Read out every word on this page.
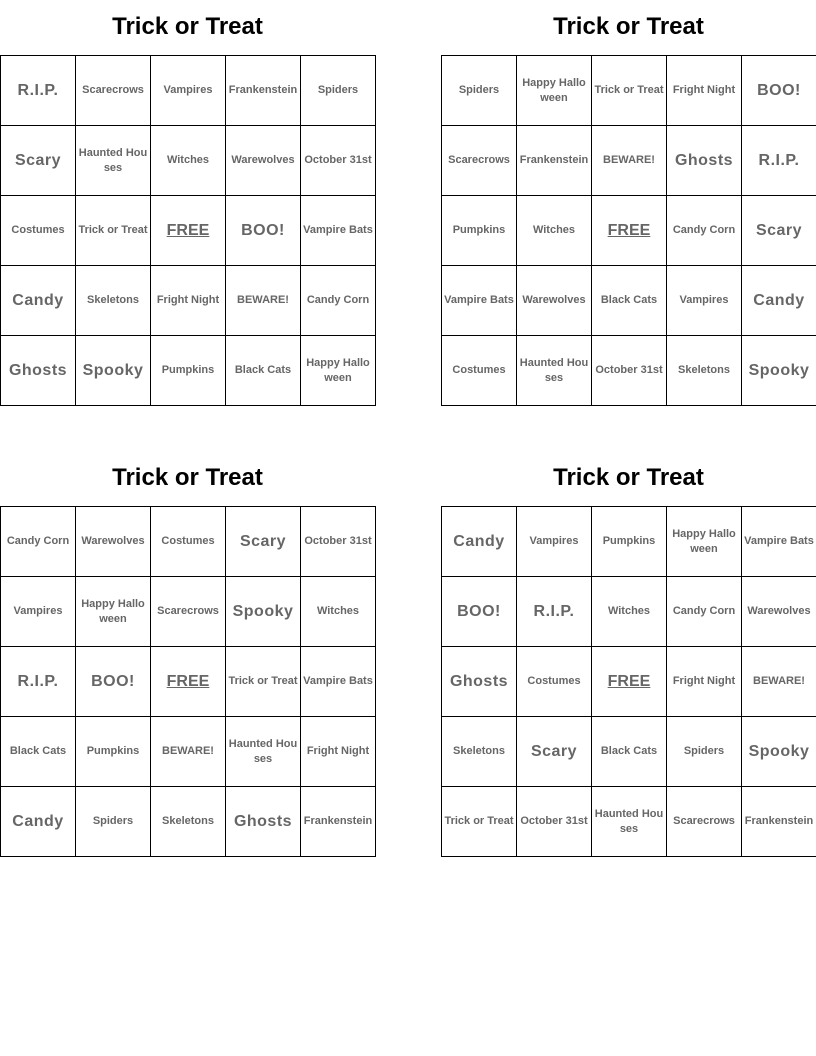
Trick or Treat
R.I.P.	Scarecrows	Vampires	Frankenstein	Spiders
Scary	Haunted Houses	Witches	Warewolves	October 31st
Costumes	Trick or Treat	FREE	BOO!	Vampire Bats
Candy	Skeletons	Fright Night	BEWARE!	Candy Corn
Ghosts	Spooky	Pumpkins	Black Cats	Happy Halloween
Trick or Treat
Spiders	Happy Halloween	Trick or Treat	Fright Night	BOO!
Scarecrows	Frankenstein	BEWARE!	Ghosts	R.I.P.
Pumpkins	Witches	FREE	Candy Corn	Scary
Vampire Bats	Warewolves	Black Cats	Vampires	Candy
Costumes	Haunted Houses	October 31st	Skeletons	Spooky
Trick or Treat
Candy Corn	Warewolves	Costumes	Scary	October 31st
Vampires	Happy Halloween	Scarecrows	Spooky	Witches
R.I.P.	BOO!	FREE	Trick or Treat	Vampire Bats
Black Cats	Pumpkins	BEWARE!	Haunted Houses	Fright Night
Candy	Spiders	Skeletons	Ghosts	Frankenstein
Trick or Treat
Candy	Vampires	Pumpkins	Happy Halloween	Vampire Bats
BOO!	R.I.P.	Witches	Candy Corn	Warewolves
Ghosts	Costumes	FREE	Fright Night	BEWARE!
Skeletons	Scary	Black Cats	Spiders	Spooky
Trick or Treat	October 31st	Haunted Houses	Scarecrows	Frankenstein
